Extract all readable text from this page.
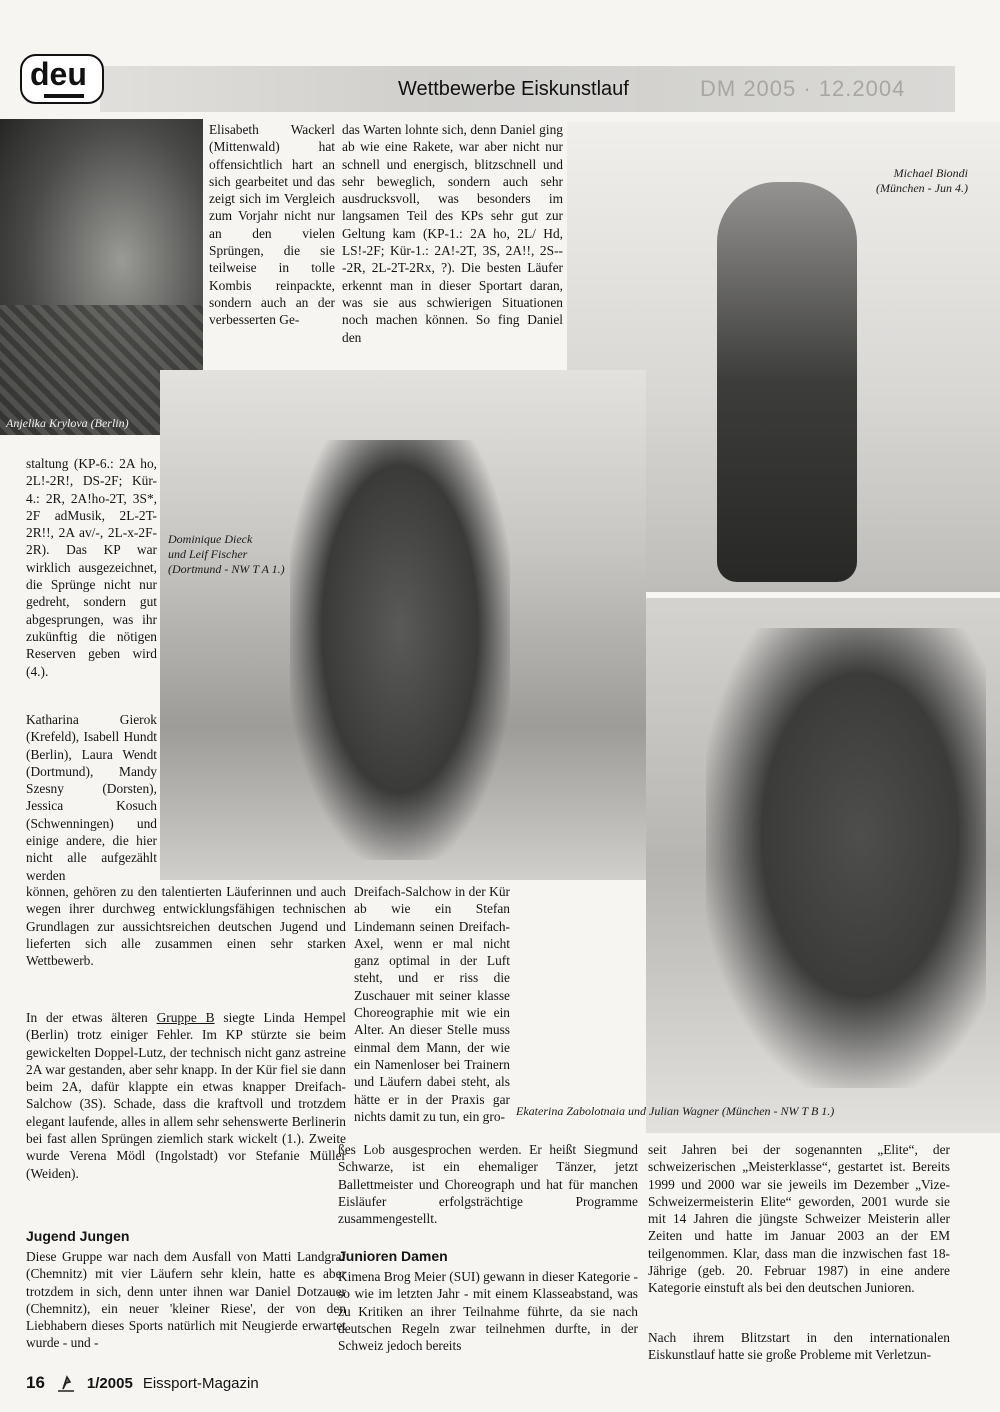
DM 2005 · 12.2004
deu	Wettbewerbe Eiskunstlauf
Anjelika Krylova (Berlin)
Michael Biondi
(München - Jun 4.)
Dominique Dieck
und Leif Fischer
(Dortmund - NW T A 1.)
Ekaterina Zabolotnaia und Julian Wagner (München - NW T B 1.)
Elisabeth Wackerl (Mittenwald) hat offensichtlich hart an sich gearbeitet und das zeigt sich im Vergleich zum Vorjahr nicht nur an den vielen Sprüngen, die sie teilweise in tolle Kombis reinpackte, sondern auch an der verbesserten Ge-
das Warten lohnte sich, denn Daniel ging ab wie eine Rakete, war aber nicht nur schnell und energisch, blitzschnell und sehr beweglich, sondern auch sehr ausdrucksvoll, was besonders im langsamen Teil des KPs sehr gut zur Geltung kam (KP-1.: 2A ho, 2L/ Hd, LS!-2F; Kür-1.: 2A!-2T, 3S, 2A!!, 2S---2R, 2L-2T-2Rx, ?). Die besten Läufer erkennt man in dieser Sportart daran, was sie aus schwierigen Situationen noch machen können. So fing Daniel den
staltung (KP-6.: 2A ho, 2L!-2R!, DS-2F; Kür-4.: 2R, 2A!ho-2T, 3S*, 2F adMusik, 2L-2T-2R!!, 2A av/-, 2L-x-2F-2R). Das KP war wirklich ausgezeichnet, die Sprünge nicht nur gedreht, sondern gut abgesprungen, was ihr zukünftig die nötigen Reserven geben wird (4.).
Katharina Gierok (Krefeld), Isabell Hundt (Berlin), Laura Wendt (Dortmund), Mandy Szesny (Dorsten), Jessica Kosuch (Schwenningen) und einige andere, die hier nicht alle aufgezählt werden
können, gehören zu den talentierten Läuferinnen und auch wegen ihrer durchweg entwicklungsfähigen technischen Grundlagen zur aussichtsreichen deutschen Jugend und lieferten sich alle zusammen einen sehr starken Wettbewerb.
In der etwas älteren Gruppe B siegte Linda Hempel (Berlin) trotz einiger Fehler. Im KP stürzte sie beim gewickelten Doppel-Lutz, der technisch nicht ganz astreine 2A war gestanden, aber sehr knapp. In der Kür fiel sie dann beim 2A, dafür klappte ein etwas knapper Dreifach-Salchow (3S). Schade, dass die kraftvoll und trotzdem elegant laufende, alles in allem sehr sehenswerte Berlinerin bei fast allen Sprüngen ziemlich stark wickelt (1.). Zweite wurde Verena Mödl (Ingolstadt) vor Stefanie Müller (Weiden).
Jugend Jungen
Diese Gruppe war nach dem Ausfall von Matti Landgraf (Chemnitz) mit vier Läufern sehr klein, hatte es aber trotzdem in sich, denn unter ihnen war Daniel Dotzauer (Chemnitz), ein neuer 'kleiner Riese', der von den Liebhabern dieses Sports natürlich mit Neugierde erwartet wurde - und -
Dreifach-Salchow in der Kür ab wie ein Stefan Lindemann seinen Dreifach-Axel, wenn er mal nicht ganz optimal in der Luft steht, und er riss die Zuschauer mit seiner klasse Choreographie mit wie ein Alter. An dieser Stelle muss einmal dem Mann, der wie ein Namenloser bei Trainern und Läufern dabei steht, als hätte er in der Praxis gar nichts damit zu tun, ein gro-
ßes Lob ausgesprochen werden. Er heißt Siegmund Schwarze, ist ein ehemaliger Tänzer, jetzt Ballettmeister und Choreograph und hat für manchen Eisläufer erfolgsträchtige Programme zusammengestellt.
Junioren Damen
Kimena Brog Meier (SUI) gewann in dieser Kategorie - so wie im letzten Jahr - mit einem Klasseabstand, was zu Kritiken an ihrer Teilnahme führte, da sie nach deutschen Regeln zwar teilnehmen durfte, in der Schweiz jedoch bereits
seit Jahren bei der sogenannten „Elite“, der schweizerischen „Meisterklasse“, gestartet ist. Bereits 1999 und 2000 war sie jeweils im Dezember „Vize-Schweizermeisterin Elite“ geworden, 2001 wurde sie mit 14 Jahren die jüngste Schweizer Meisterin aller Zeiten und hatte im Januar 2003 an der EM teilgenommen. Klar, dass man die inzwischen fast 18-Jährige (geb. 20. Februar 1987) in eine andere Kategorie einstuft als bei den deutschen Junioren.
Nach ihrem Blitzstart in den internationalen Eiskunstlauf hatte sie große Probleme mit Verletzun-
16	1/2005 Eissport-Magazin
